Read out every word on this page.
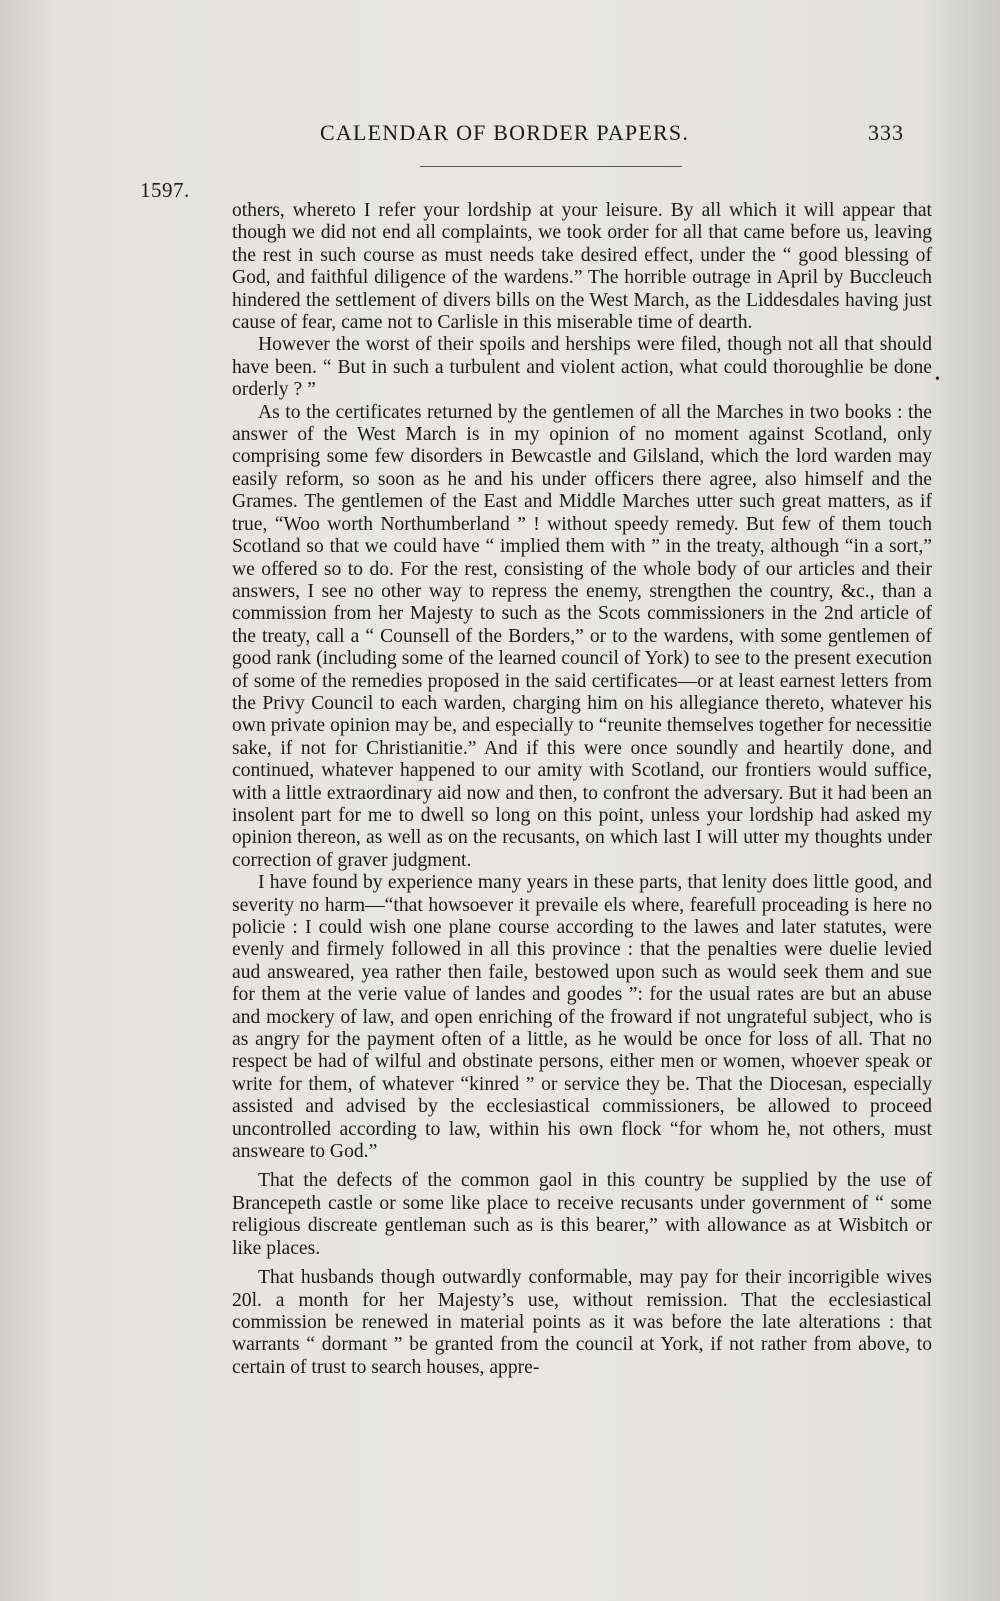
CALENDAR OF BORDER PAPERS.	333
1597.
•

others, whereto I refer your lordship at your leisure. By all which it will appear that though we did not end all complaints, we took order for all that came before us, leaving the rest in such course as must needs take desired effect, under the “ good blessing of God, and faithful diligence of the wardens.” The horrible outrage in April by Buccleuch hindered the settlement of divers bills on the West March, as the Liddesdales having just cause of fear, came not to Carlisle in this miserable time of dearth.

However the worst of their spoils and herships were filed, though not all that should have been. “ But in such a turbulent and violent action, what could thoroughlie be done orderly ? ”

As to the certificates returned by the gentlemen of all the Marches in two books : the answer of the West March is in my opinion of no moment against Scotland, only comprising some few disorders in Bewcastle and Gilsland, which the lord warden may easily reform, so soon as he and his under officers there agree, also himself and the Grames. The gentlemen of the East and Middle Marches utter such great matters, as if true, “Woo worth Northumberland ” ! without speedy remedy. But few of them touch Scotland so that we could have “ implied them with ” in the treaty, although “in a sort,” we offered so to do. For the rest, consisting of the whole body of our articles and their answers, I see no other way to repress the enemy, strengthen the country, &c., than a commission from her Majesty to such as the Scots commissioners in the 2nd article of the treaty, call a “ Counsell of the Borders,” or to the wardens, with some gentlemen of good rank (including some of the learned council of York) to see to the present execution of some of the remedies proposed in the said certificates—or at least earnest letters from the Privy Council to each warden, charging him on his allegiance thereto, whatever his own private opinion may be, and especially to “reunite themselves together for necessitie sake, if not for Christianitie.” And if this were once soundly and heartily done, and continued, whatever happened to our amity with Scotland, our frontiers would suffice, with a little extraordinary aid now and then, to confront the adversary. But it had been an insolent part for me to dwell so long on this point, unless your lordship had asked my opinion thereon, as well as on the recusants, on which last I will utter my thoughts under correction of graver judgment.

I have found by experience many years in these parts, that lenity does little good, and severity no harm—“that howsoever it prevaile els where, fearefull proceading is here no policie : I could wish one plane course according to the lawes and later statutes, were evenly and firmely followed in all this province : that the penalties were duelie levied aud answeared, yea rather then faile, bestowed upon such as would seek them and sue for them at the verie value of landes and goodes ”: for the usual rates are but an abuse and mockery of law, and open enriching of the froward if not ungrateful subject, who is as angry for the payment often of a little, as he would be once for loss of all. That no respect be had of wilful and obstinate persons, either men or women, whoever speak or write for them, of whatever “kinred ” or service they be. That the Diocesan, especially assisted and advised by the ecclesiastical commissioners, be allowed to proceed uncontrolled according to law, within his own flock “for whom he, not others, must answeare to God.”

That the defects of the common gaol in this country be supplied by the use of Brancepeth castle or some like place to receive recusants under government of “ some religious discreate gentleman such as is this bearer,” with allowance as at Wisbitch or like places.

That husbands though outwardly conformable, may pay for their incorrigible wives 20l. a month for her Majesty’s use, without remission. That the ecclesiastical commission be renewed in material points as it was before the late alterations : that warrants “ dormant ” be granted from the council at York, if not rather from above, to certain of trust to search houses, appre-
